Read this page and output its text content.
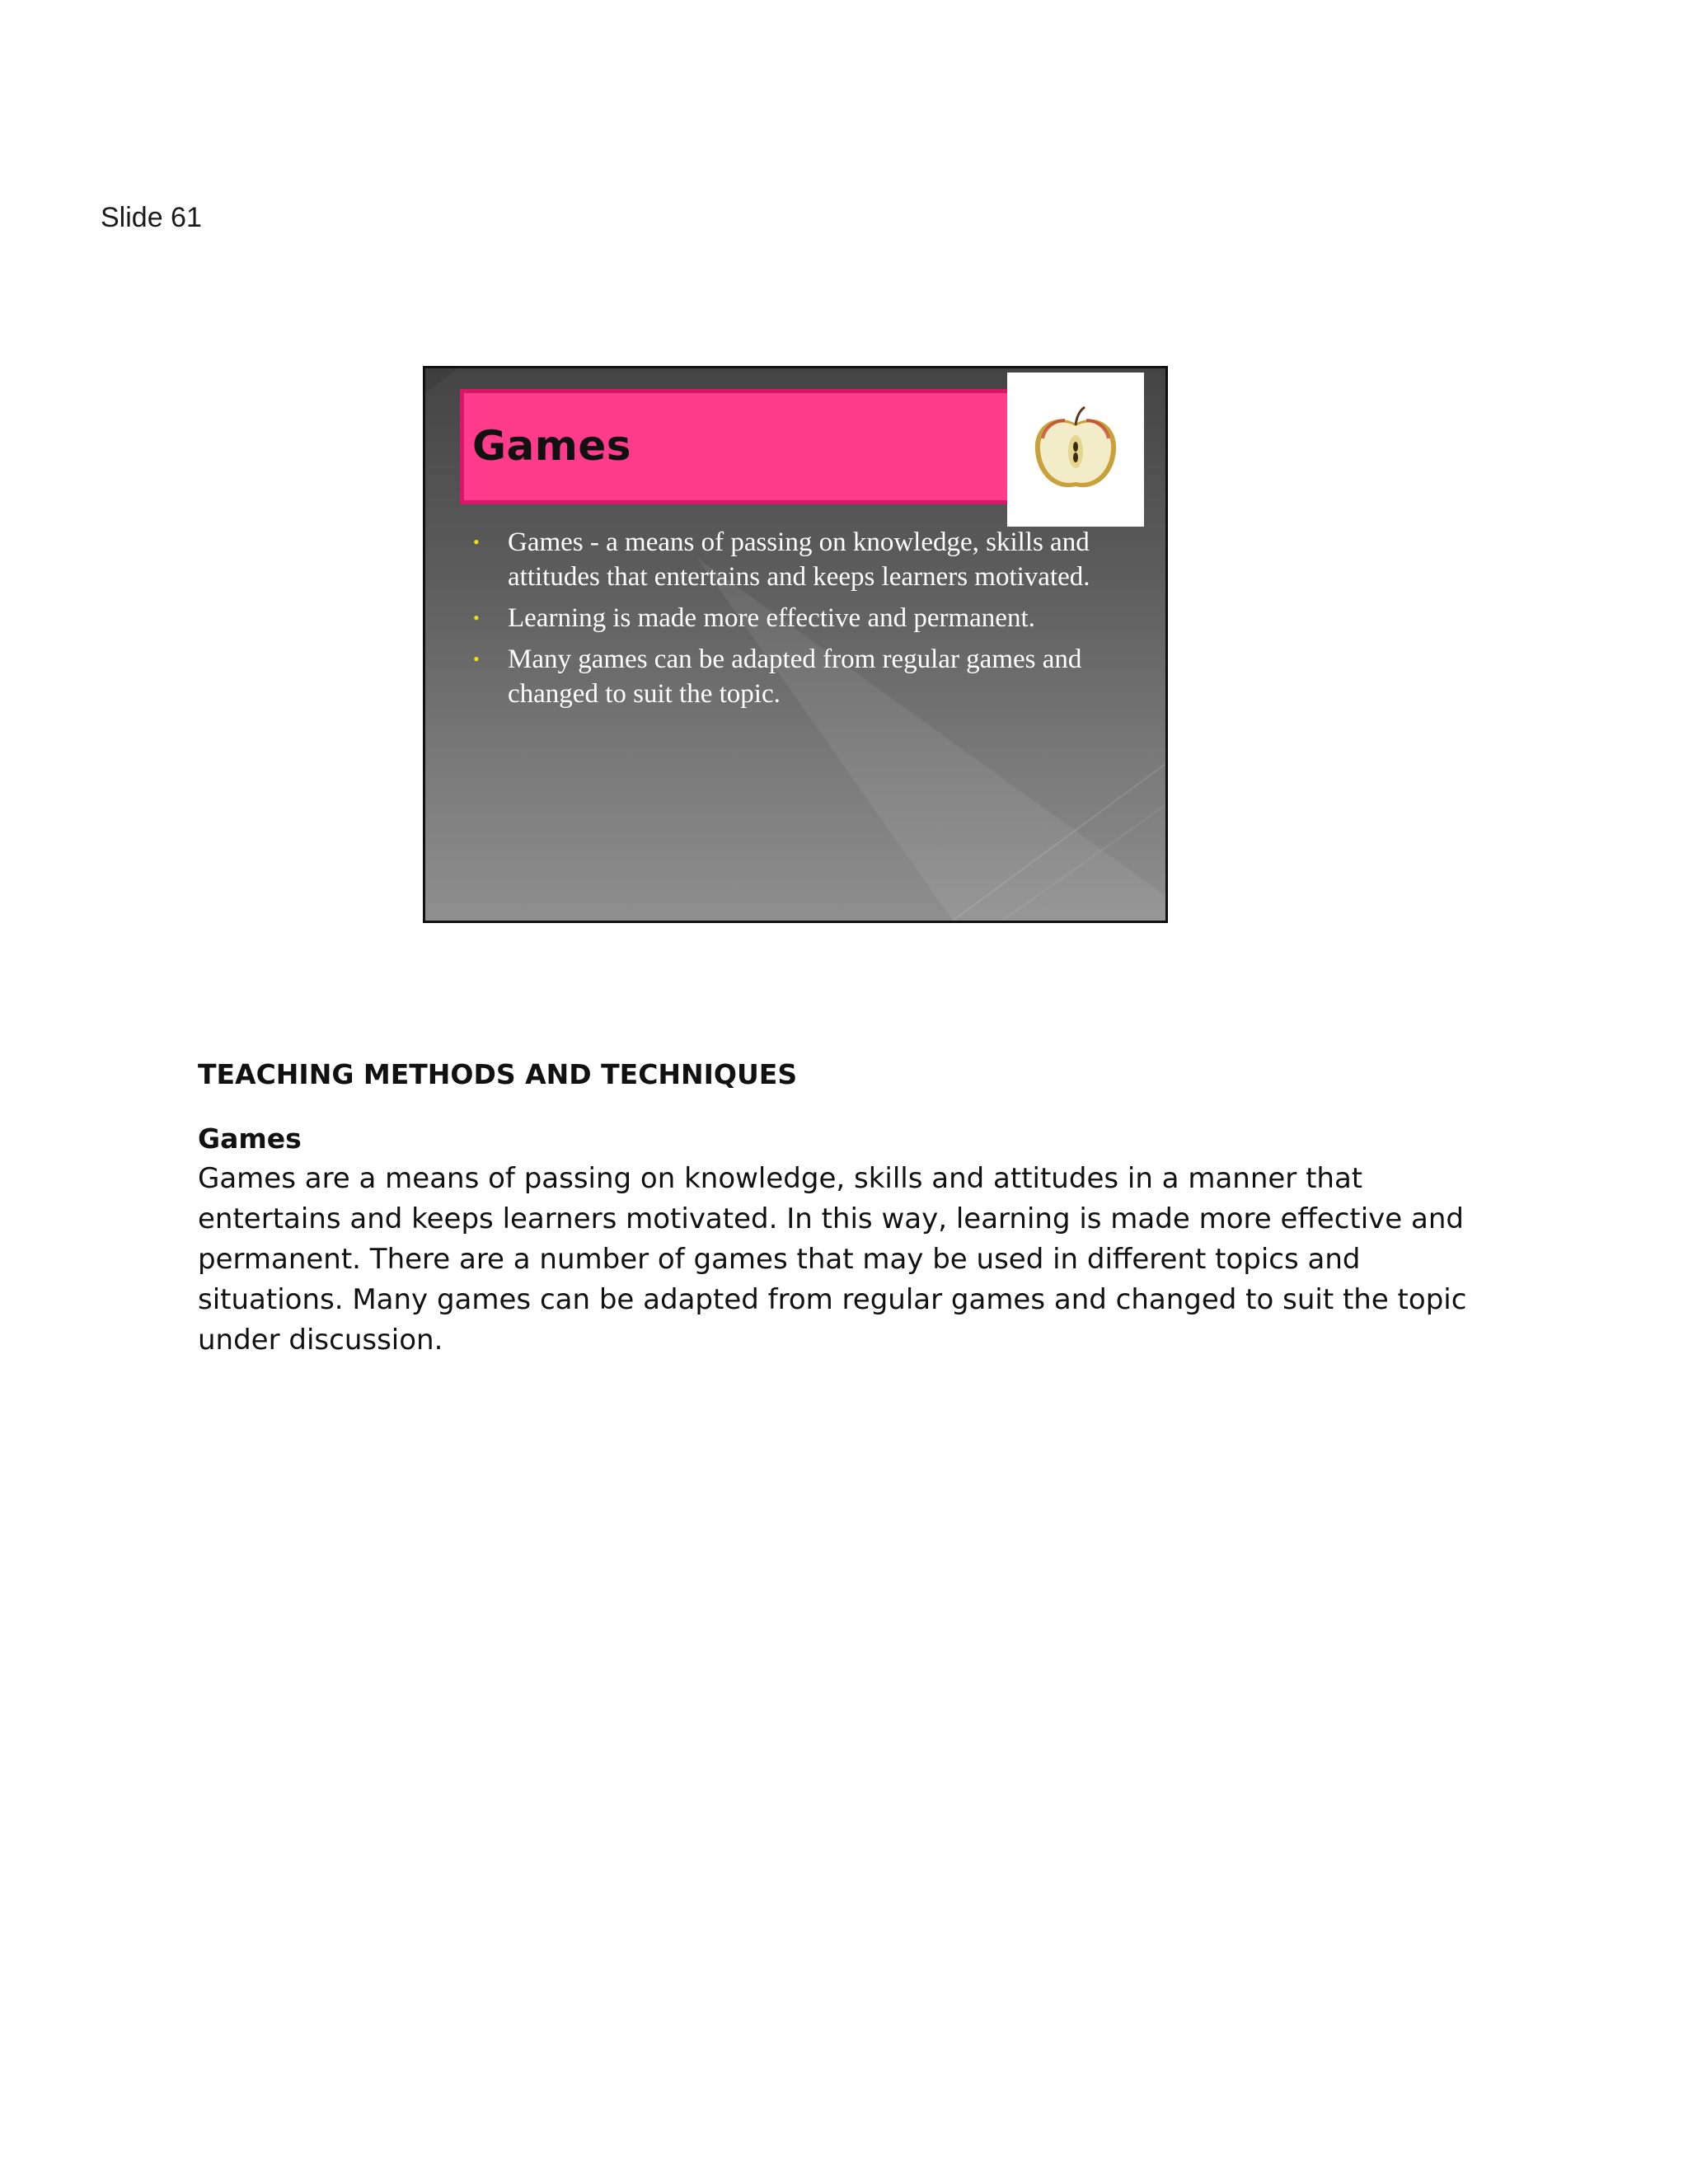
Slide 61
Games
• Games - a means of passing on knowledge, skills and attitudes that entertains and keeps learners motivated.
• Learning is made more effective and permanent.
• Many games can be adapted from regular games and changed to suit the topic.
TEACHING METHODS AND TECHNIQUES
Games

Games are a means of passing on knowledge, skills and attitudes in a manner that entertains and keeps learners motivated. In this way, learning is made more effective and permanent. There are a number of games that may be used in different topics and situations. Many games can be adapted from regular games and changed to suit the topic under discussion.
